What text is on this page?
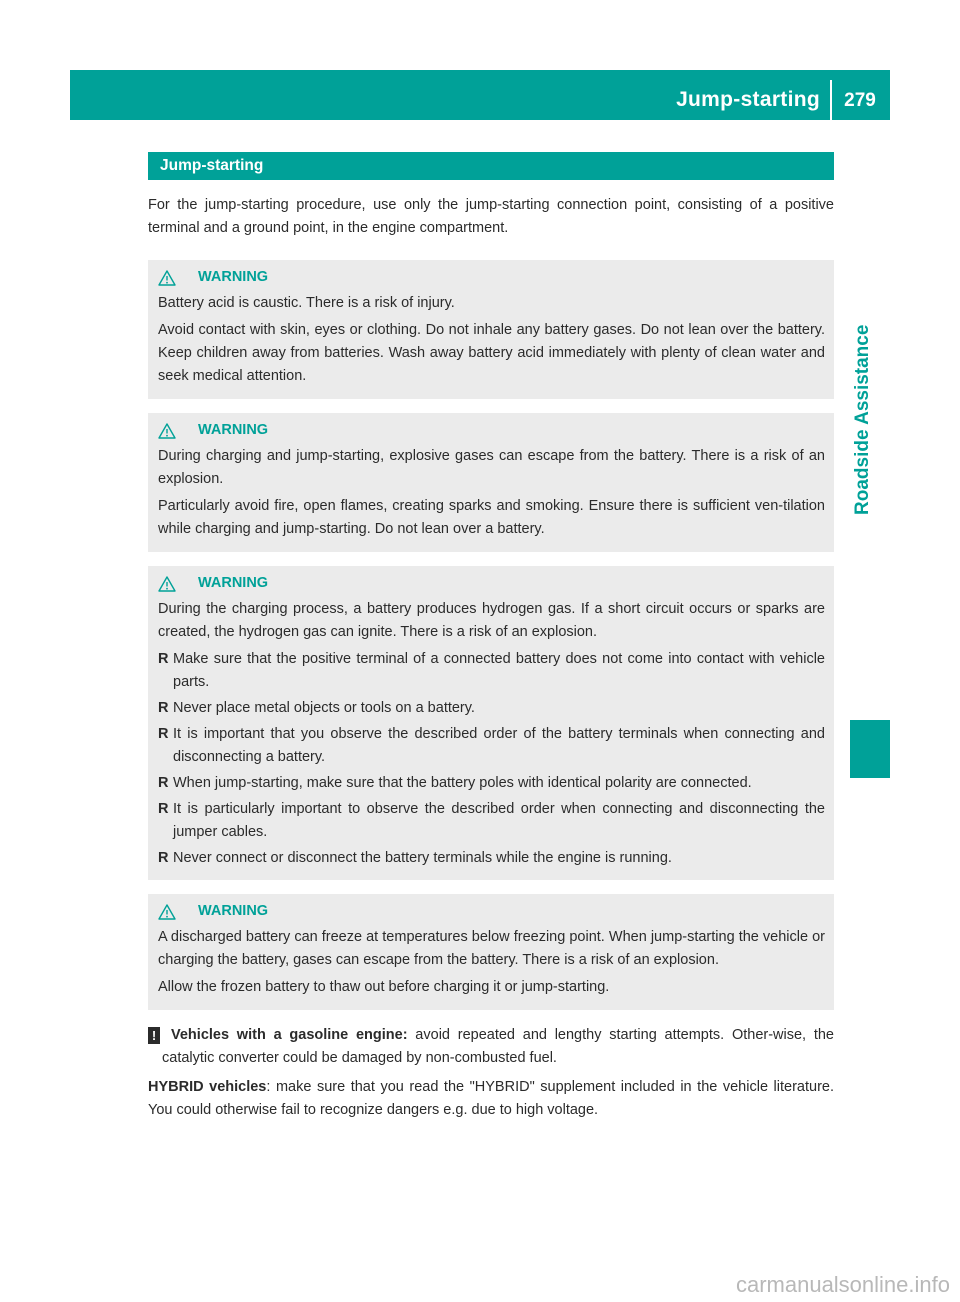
Jump-starting	279
Roadside Assistance
Jump-starting

For the jump-starting procedure, use only the jump-starting connection point, consisting of a positive terminal and a ground point, in the engine compartment.

WARNING

Battery acid is caustic. There is a risk of injury.

Avoid contact with skin, eyes or clothing. Do not inhale any battery gases. Do not lean over the battery. Keep children away from batteries. Wash away battery acid immediately with plenty of clean water and seek medical attention.

WARNING

During charging and jump-starting, explosive gases can escape from the battery. There is a risk of an explosion.

Particularly avoid fire, open flames, creating sparks and smoking. Ensure there is sufficient ven-tilation while charging and jump-starting. Do not lean over a battery.

WARNING

During the charging process, a battery produces hydrogen gas. If a short circuit occurs or sparks are created, the hydrogen gas can ignite. There is a risk of an explosion.

R Make sure that the positive terminal of a connected battery does not come into contact with vehicle parts.
R Never place metal objects or tools on a battery.
R It is important that you observe the described order of the battery terminals when connecting and disconnecting a battery.
R When jump-starting, make sure that the battery poles with identical polarity are connected.
R It is particularly important to observe the described order when connecting and disconnecting the jumper cables.
R Never connect or disconnect the battery terminals while the engine is running.
WARNING

A discharged battery can freeze at temperatures below freezing point. When jump-starting the vehicle or charging the battery, gases can escape from the battery. There is a risk of an explosion.

Allow the frozen battery to thaw out before charging it or jump-starting.

! Vehicles with a gasoline engine: avoid repeated and lengthy starting attempts. Other-wise, the catalytic converter could be damaged by non-combusted fuel.

HYBRID vehicles: make sure that you read the "HYBRID" supplement included in the vehicle literature. You could otherwise fail to recognize dangers e.g. due to high voltage.

carmanualsonline.info
